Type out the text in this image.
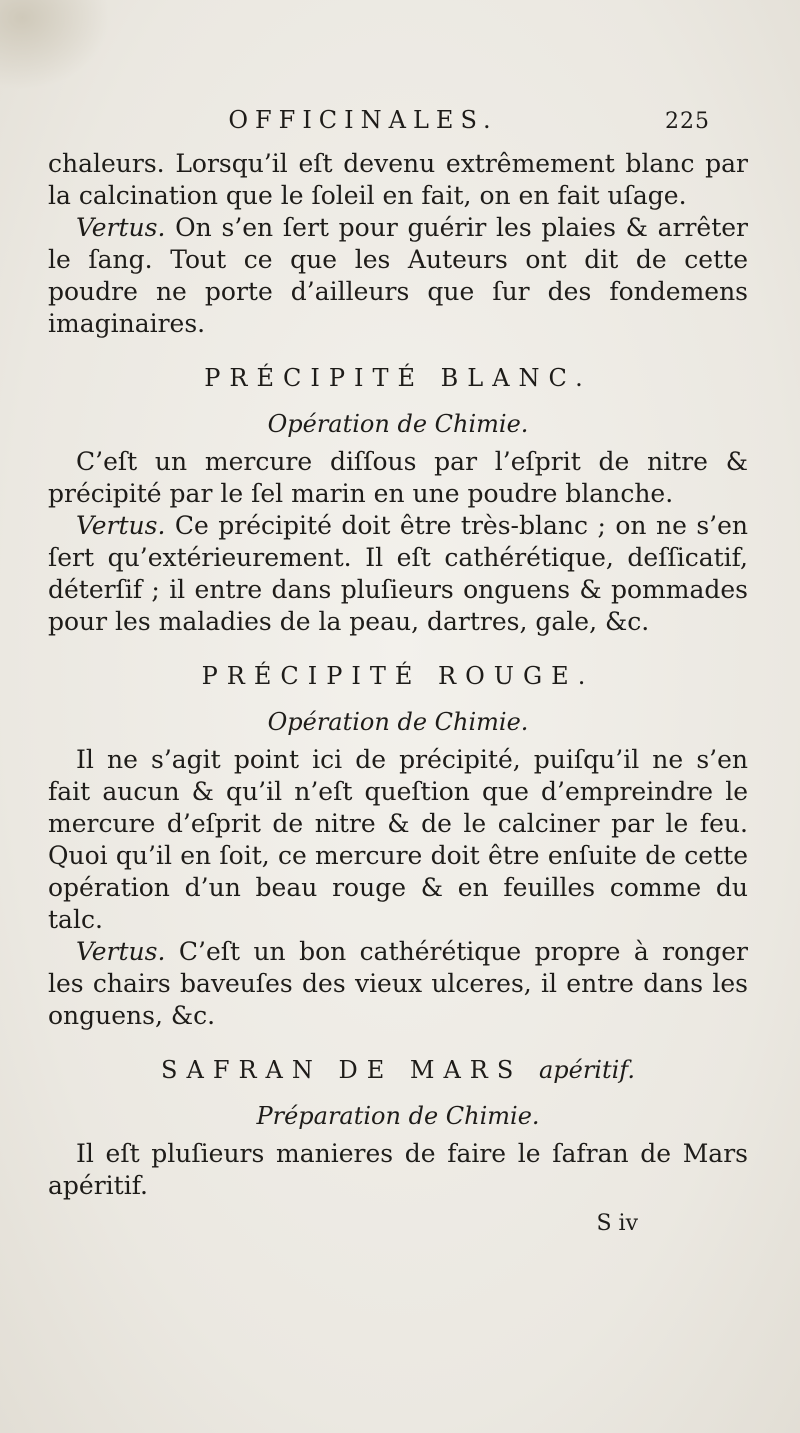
OFFICINALES.	225

chaleurs. Lorsqu’il eſt devenu extrêmement blanc par la calcination que le ſoleil en fait, on en fait uſage.

Vertus. On s’en ſert pour guérir les plaies & arrêter le ſang. Tout ce que les Auteurs ont dit de cette poudre ne porte d’ailleurs que ſur des fondemens imaginaires.

PRÉCIPITÉ BLANC.
Opération de Chimie.

C’eſt un mercure diſſous par l’eſprit de nitre & précipité par le ſel marin en une poudre blanche.

Vertus. Ce précipité doit être très-blanc ; on ne s’en ſert qu’extérieurement. Il eſt cathérétique, deſſicatif, déterſif ; il entre dans pluſieurs onguens & pommades pour les maladies de la peau, dartres, gale, &c.

PRÉCIPITÉ ROUGE.
Opération de Chimie.

Il ne s’agit point ici de précipité, puiſqu’il ne s’en fait aucun & qu’il n’eſt queſtion que d’empreindre le mercure d’eſprit de nitre & de le calciner par le feu. Quoi qu’il en ſoit, ce mercure doit être enſuite de cette opération d’un beau rouge & en feuilles comme du talc.

Vertus. C’eſt un bon cathérétique propre à ronger les chairs baveuſes des vieux ulceres, il entre dans les onguens, &c.

SAFRAN DE MARS apéritif.
Préparation de Chimie.

Il eſt pluſieurs manieres de faire le ſafran de Mars apéritif.

S iv
